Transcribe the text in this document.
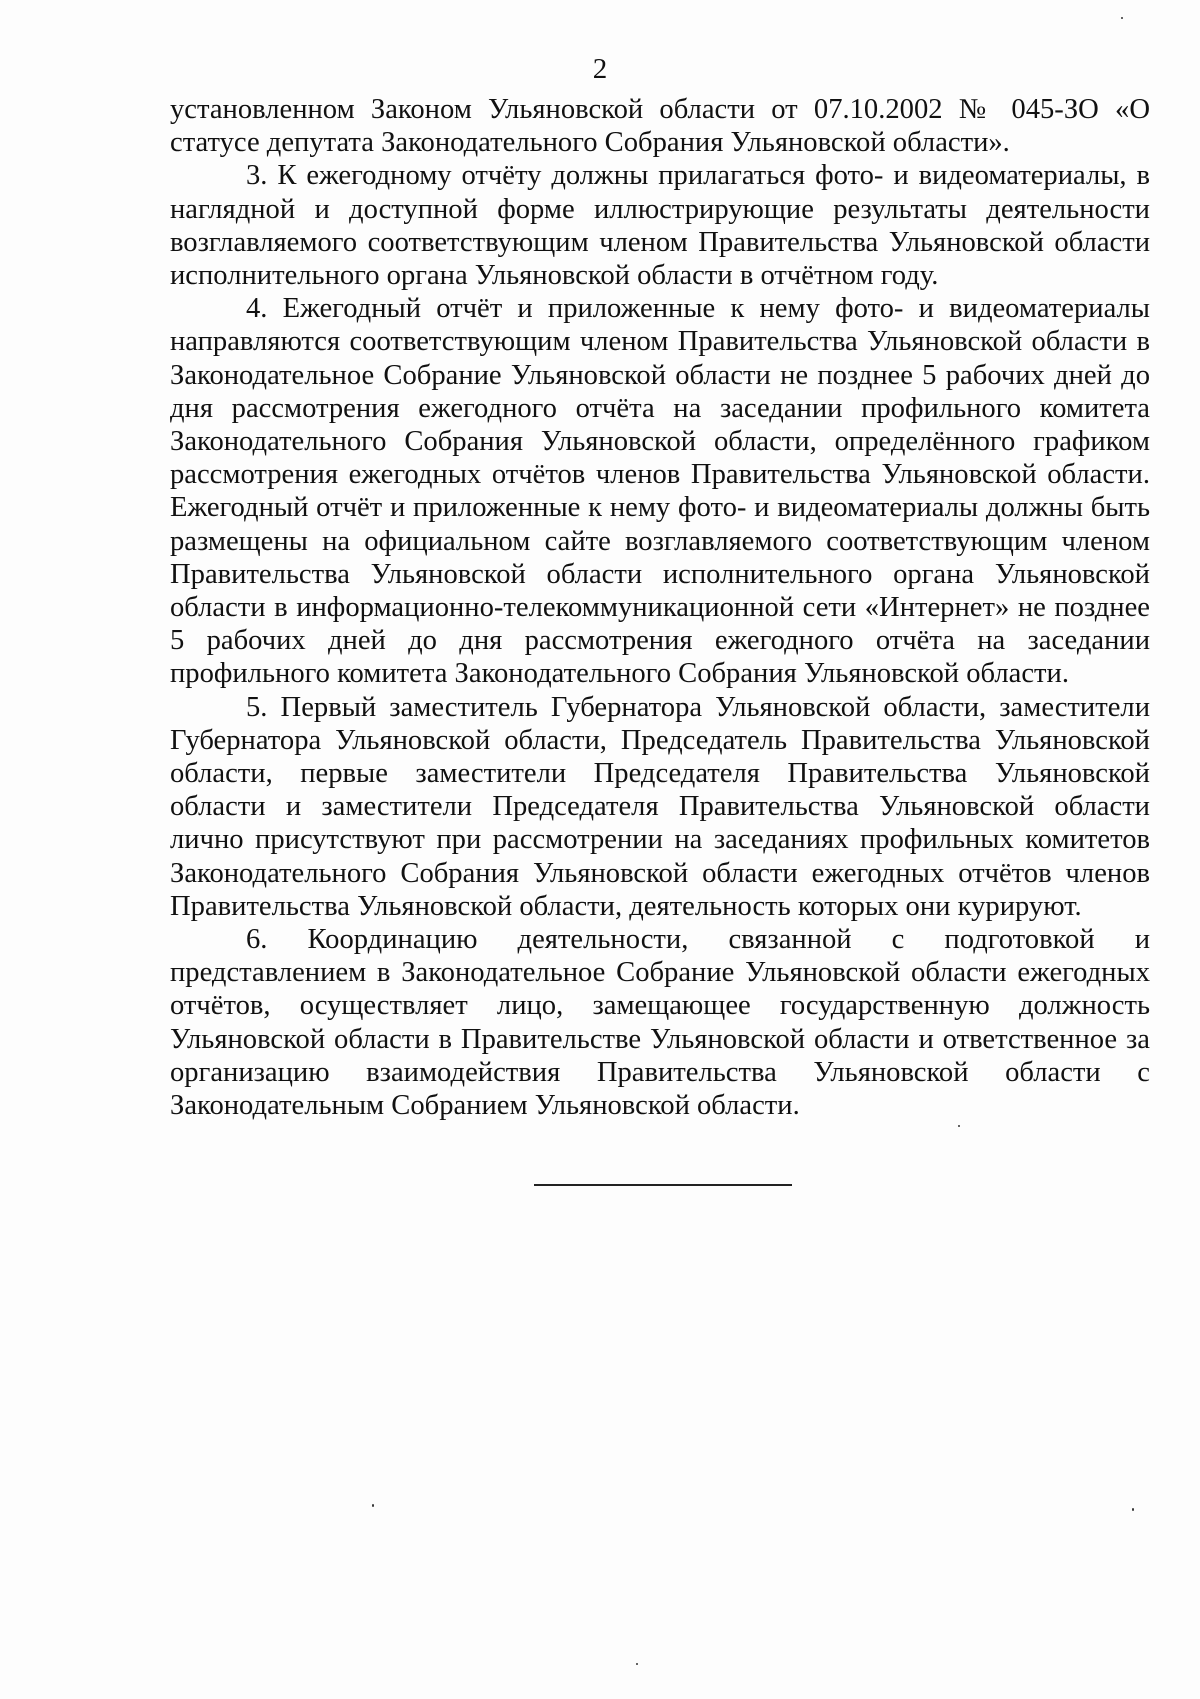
2

установленном Законом Ульяновской области от 07.10.2002 № 045-ЗО «О статусе депутата Законодательного Собрания Ульяновской области».

3. К ежегодному отчёту должны прилагаться фото- и видеоматериалы, в наглядной и доступной форме иллюстрирующие результаты деятельности возглавляемого соответствующим членом Правительства Ульяновской области исполнительного органа Ульяновской области в отчётном году.

4. Ежегодный отчёт и приложенные к нему фото- и видеоматериалы направляются соответствующим членом Правительства Ульяновской области в Законодательное Собрание Ульяновской области не позднее 5 рабочих дней до дня рассмотрения ежегодного отчёта на заседании профильного комитета Законодательного Собрания Ульяновской области, определённого графиком рассмотрения ежегодных отчётов членов Правительства Ульяновской области. Ежегодный отчёт и приложенные к нему фото- и видеоматериалы должны быть размещены на официальном сайте возглавляемого соответствующим членом Правительства Ульяновской области исполнительного органа Ульяновской области в информационно-телекоммуникационной сети «Интернет» не позднее 5 рабочих дней до дня рассмотрения ежегодного отчёта на заседании профильного комитета Законодательного Собрания Ульяновской области.

5. Первый заместитель Губернатора Ульяновской области, заместители Губернатора Ульяновской области, Председатель Правительства Ульяновской области, первые заместители Председателя Правительства Ульяновской области и заместители Председателя Правительства Ульяновской области лично присутствуют при рассмотрении на заседаниях профильных комитетов Законодательного Собрания Ульяновской области ежегодных отчётов членов Правительства Ульяновской области, деятельность которых они курируют.

6. Координацию деятельности, связанной с подготовкой и представлением в Законодательное Собрание Ульяновской области ежегодных отчётов, осуществляет лицо, замещающее государственную должность Ульяновской области в Правительстве Ульяновской области и ответственное за организацию взаимодействия Правительства Ульяновской области с Законодательным Собранием Ульяновской области.
